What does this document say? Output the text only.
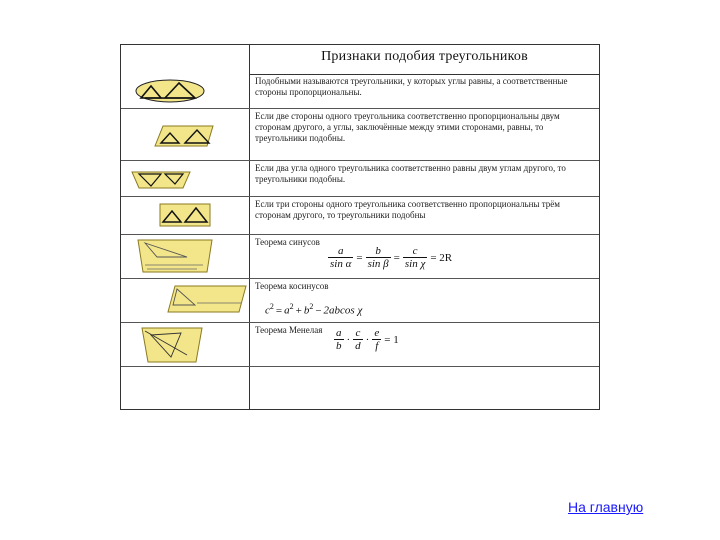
Признаки подобия треугольников
Подобными называются треугольники, у которых углы равны, а соответственные стороны пропорциональны.
Если две стороны одного треугольника соответственно пропорциональны двум сторонам другого, а углы, заключённые между этими сторонами, равны, то треугольники подобны.
Если два угла одного треугольника соответственно равны двум углам другого, то треугольники подобны.
Если три стороны одного треугольника соответственно пропорциональны трём сторонам другого, то треугольники подобны
Теорема синусов
$\frac{a}{\text{sin α}} = \frac{b}{\text{sin β}} = \frac{c}{\text{sin χ}} = 2R$
Теорема косинусов
$c^2 = a^2 + b^2 - 2abcos$ χ
Теорема Менелая	$\frac{a}{b} \cdot \frac{c}{d} \cdot \frac{e}{f} = 1$
На главную
